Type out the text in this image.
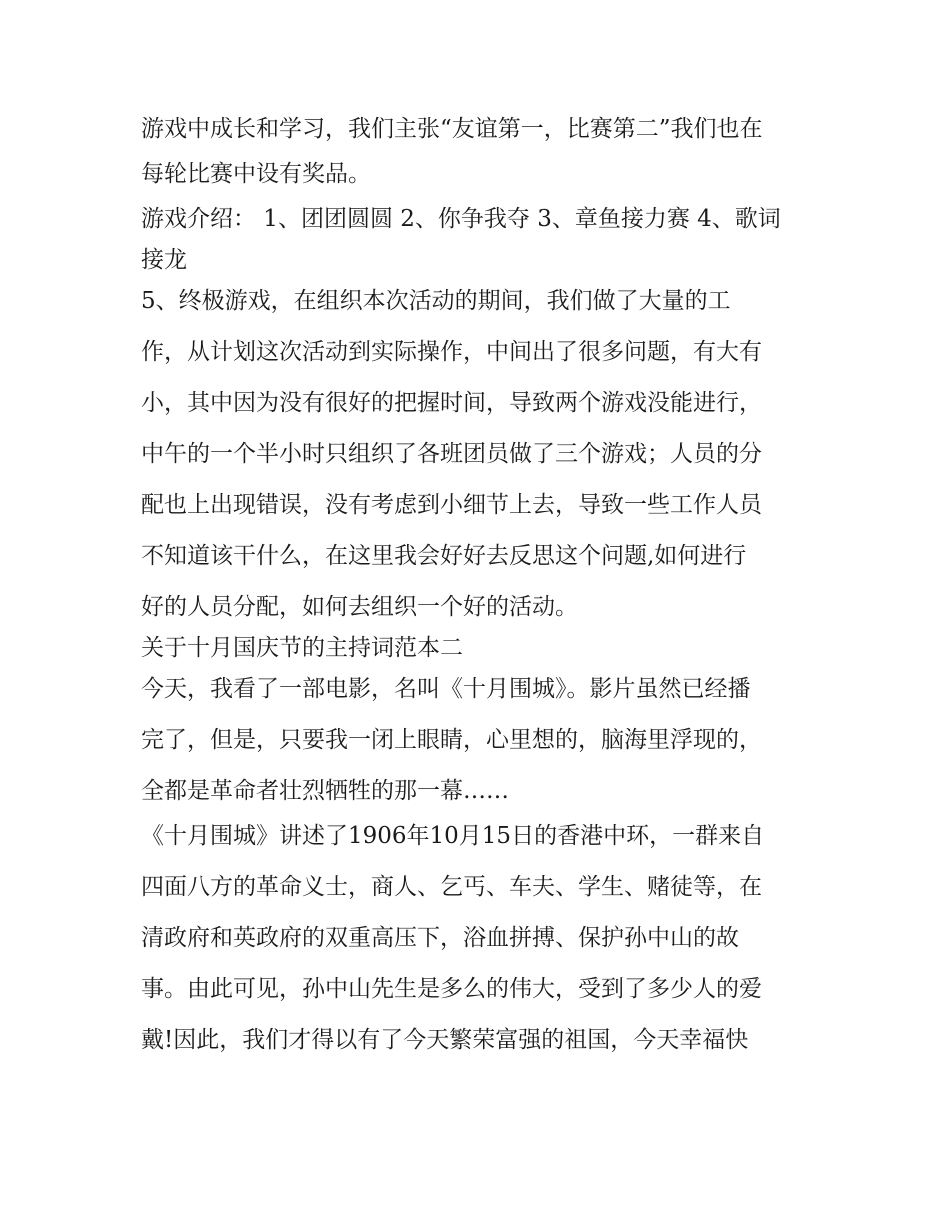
游戏中成长和学习，我们主张“友谊第一，比赛第二”我们也在
每轮比赛中设有奖品。
游戏介绍： 1、团团圆圆 2、你争我夺 3、章鱼接力赛 4、歌词
接龙
5、终极游戏，在组织本次活动的期间，我们做了大量的工
作，从计划这次活动到实际操作，中间出了很多问题，有大有
小，其中因为没有很好的把握时间，导致两个游戏没能进行，
中午的一个半小时只组织了各班团员做了三个游戏；人员的分
配也上出现错误，没有考虑到小细节上去，导致一些工作人员
不知道该干什么，在这里我会好好去反思这个问题,如何进行
好的人员分配，如何去组织一个好的活动。
关于十月国庆节的主持词范本二
今天，我看了一部电影，名叫《十月围城》。影片虽然已经播
完了，但是，只要我一闭上眼睛，心里想的，脑海里浮现的，
全都是革命者壮烈牺牲的那一幕……
《十月围城》讲述了1906年10月15日的香港中环，一群来自
四面八方的革命义士，商人、乞丐、车夫、学生、赌徒等，在
清政府和英政府的双重高压下，浴血拼搏、保护孙中山的故
事。由此可见，孙中山先生是多么的伟大，受到了多少人的爱
戴!因此，我们才得以有了今天繁荣富强的祖国，今天幸福快
